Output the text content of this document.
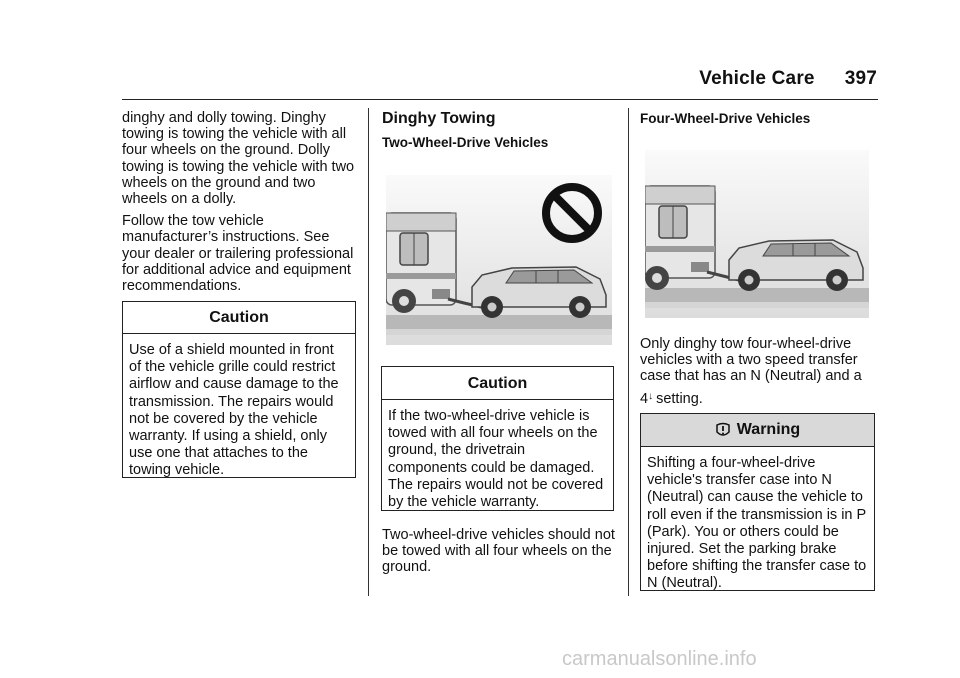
Vehicle Care 397

dinghy and dolly towing. Dinghy towing is towing the vehicle with all four wheels on the ground. Dolly towing is towing the vehicle with two wheels on the ground and two wheels on a dolly.

Follow the tow vehicle manufacturer’s instructions. See your dealer or trailering professional for additional advice and equipment recommendations.

Caution
Use of a shield mounted in front of the vehicle grille could restrict airflow and cause damage to the transmission. The repairs would not be covered by the vehicle warranty. If using a shield, only use one that attaches to the towing vehicle.
Dinghy Towing
Two-Wheel-Drive Vehicles
Caution
If the two-wheel-drive vehicle is towed with all four wheels on the ground, the drivetrain components could be damaged. The repairs would not be covered by the vehicle warranty.

Two-wheel-drive vehicles should not be towed with all four wheels on the ground.

Four-Wheel-Drive Vehicles

Only dinghy tow four-wheel-drive vehicles with a two speed transfer case that has an N (Neutral) and a

4 ↓ setting.

Warning
Shifting a four-wheel-drive vehicle's transfer case into N (Neutral) can cause the vehicle to roll even if the transmission is in P (Park). You or others could be injured. Set the parking brake before shifting the transfer case to N (Neutral).
carmanualsonline.info
